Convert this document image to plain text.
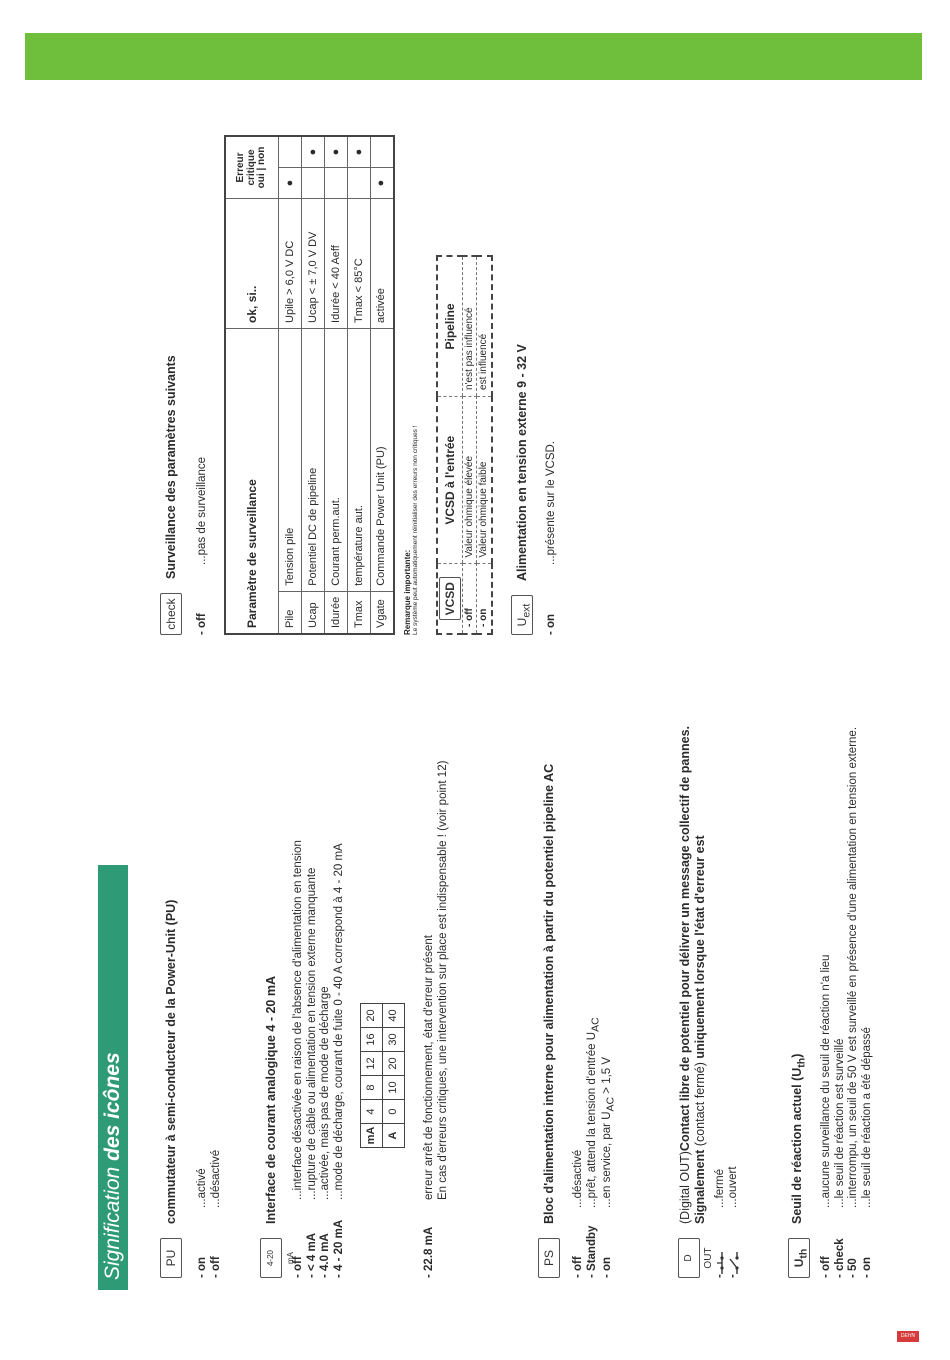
DEHN
Signification des icônes
PU
commutateur à semi-conducteur de la Power-Unit (PU)
- on
...activé
- off
...désactivé
4-20 mA
Interface de courant analogique 4 - 20 mA
- off
...interface désactivée en raison de l'absence d'alimentation en tension
- < 4 mA
...rupture de câble ou alimentation en tension externe manquante
- 4.0 mA
...activée, mais pas de mode de décharge
- 4 - 20 mA
...mode de décharge, courant de fuite 0 - 40 A correspond à 4 - 20 mA mA	4	8	12	16	20
A	0	10	20	30	40
- 22.8 mA
erreur arrêt de fonctionnement, état d'erreur présent En cas d'erreurs critiques, une intervention sur place est indispensable ! (voir point 12)
PS
Bloc d'alimentation interne pour alimentation à partir du potentiel pipeline AC
- off
...désactivé
- Standby
...prêt, attend la tension d'entrée UAC
- on
...en service, par UAC > 1,5 V
D OUT
(Digital OUT)Contact libre de potentiel pour délivrer un message collectif de pannes.
Signalement (contact fermé) uniquement lorsque l'état d'erreur est
-
...fermé
-
...ouvert
Uth
Seuil de réaction actuel $(U_{th})$
- off
...aucune surveillance du seuil de réaction n'a lieu
- check
...le seuil de réaction est surveillé
- 50
...interrompu, un seuil de 50 V est surveillé en présence d'une alimentation en tension externe.
- on
...le seuil de réaction a été dépassé
check
Surveillance des paramètres suivants
- off
...pas de surveillance	Paramètre de surveillance		ok, si..	Erreur critique
oui | non	
Pile	Tension pile	Upile > 6,0 V DC	●	
Ucap	Potentiel DC de pipeline	Ucap < ± 7,0 V DV		●
Idurée	Courant perm.aut.	Idurée < 40 Aeff		●
Tmax	température aut.	Tmax < 85°C		●
Vgate	Commande Power Unit (PU)	activée	●	
Remarque importante: Le système peut automatiquement réinitialiser des erreurs non critiques ! VCSD	VCSD à l'entrée	Pipeline
- off	Valeur ohmique élevée	n'est pas influencé
- on	Valeur ohmique faible	est influencé
Uext
Alimentation en tension externe 9 - 32 V
- on
...présente sur le VCSD.
